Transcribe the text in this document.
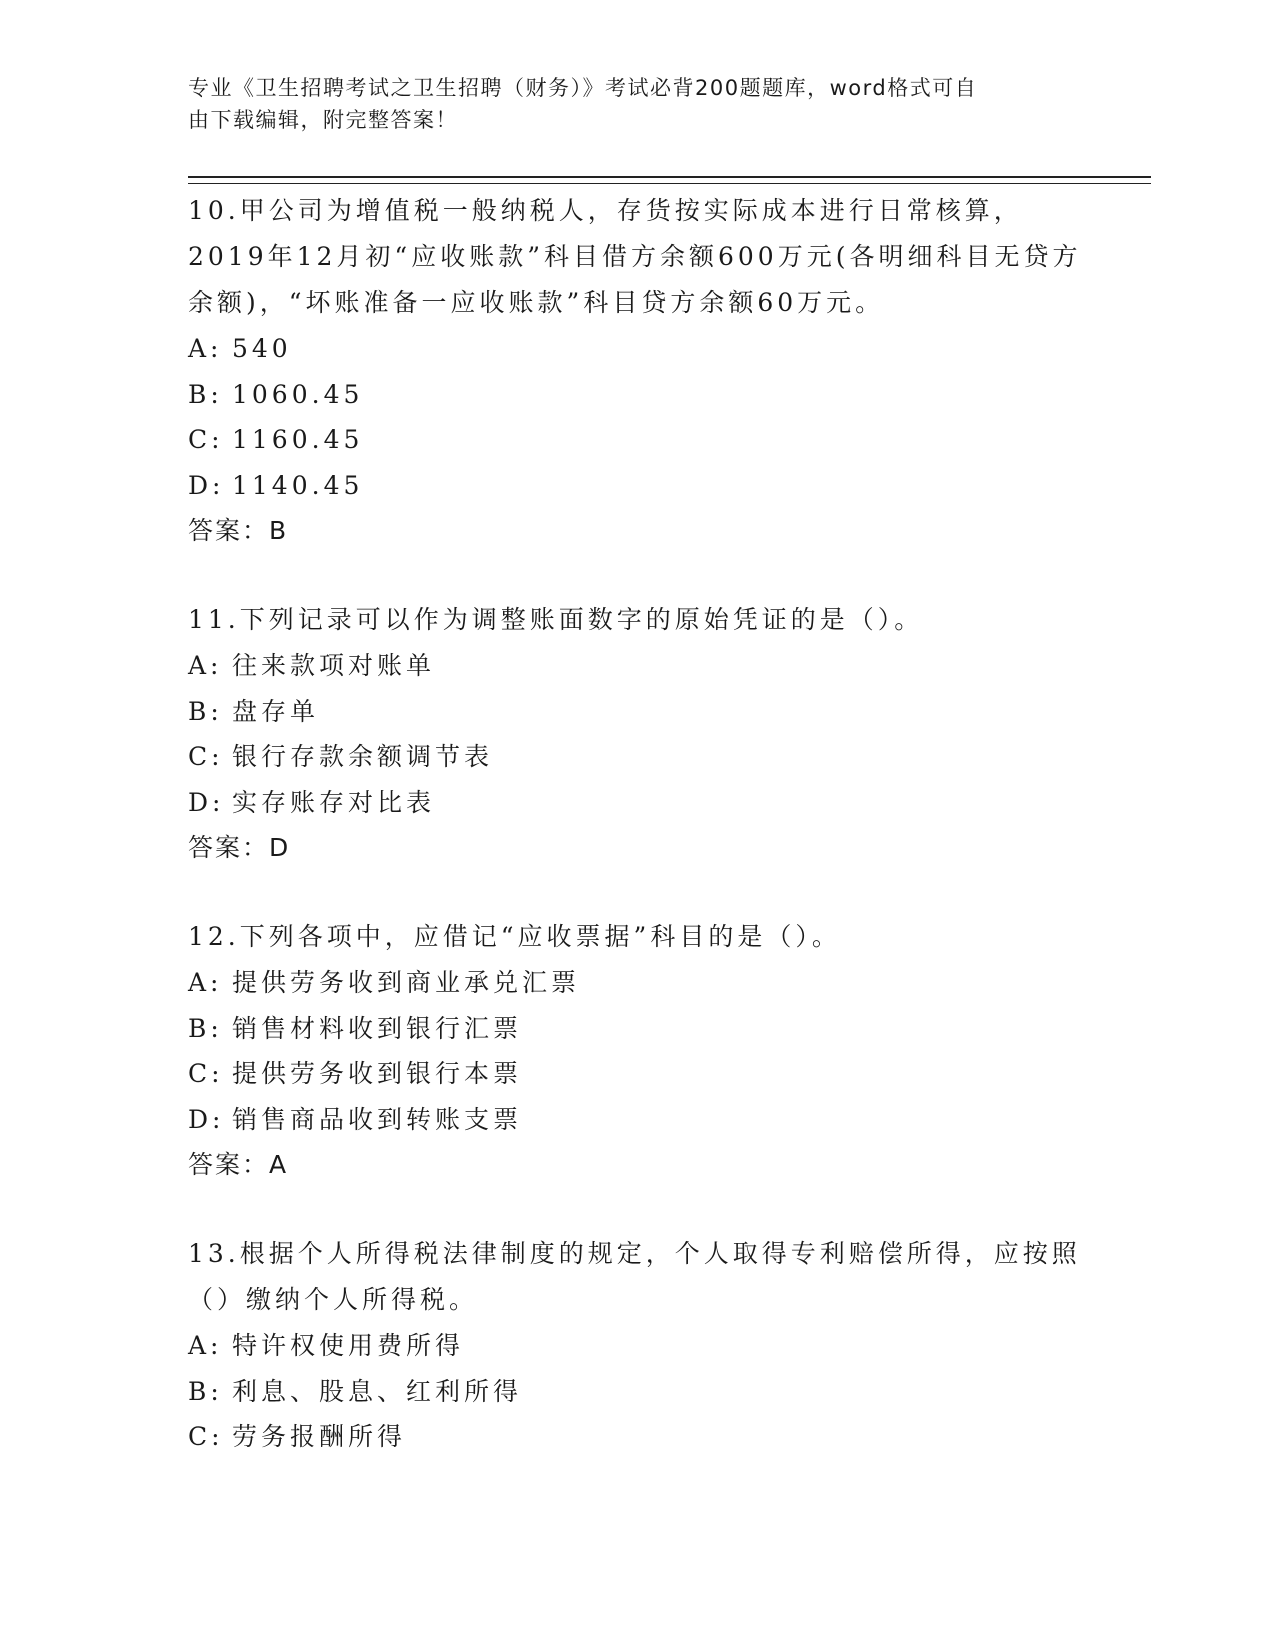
专业《卫生招聘考试之卫生招聘（财务）》考试必背200题题库，word格式可自
由下载编辑，附完整答案！

10.甲公司为增值税一般纳税人，存货按实际成本进行日常核算，2019年12月初“应收账款”科目借方余额600万元(各明细科目无贷方余额)，“坏账准备一应收账款”科目贷方余额60万元。

A: 540
B: 1060.45
C: 1160.45
D: 1140.45

答案：B

11.下列记录可以作为调整账面数字的原始凭证的是（）。

A: 往来款项对账单
B: 盘存单
C: 银行存款余额调节表
D: 实存账存对比表

答案：D

12.下列各项中，应借记“应收票据”科目的是（）。

A: 提供劳务收到商业承兑汇票
B: 销售材料收到银行汇票
C: 提供劳务收到银行本票
D: 销售商品收到转账支票

答案：A

13.根据个人所得税法律制度的规定，个人取得专利赔偿所得，应按照（）缴纳个人所得税。

A: 特许权使用费所得
B: 利息、股息、红利所得
C: 劳务报酬所得
